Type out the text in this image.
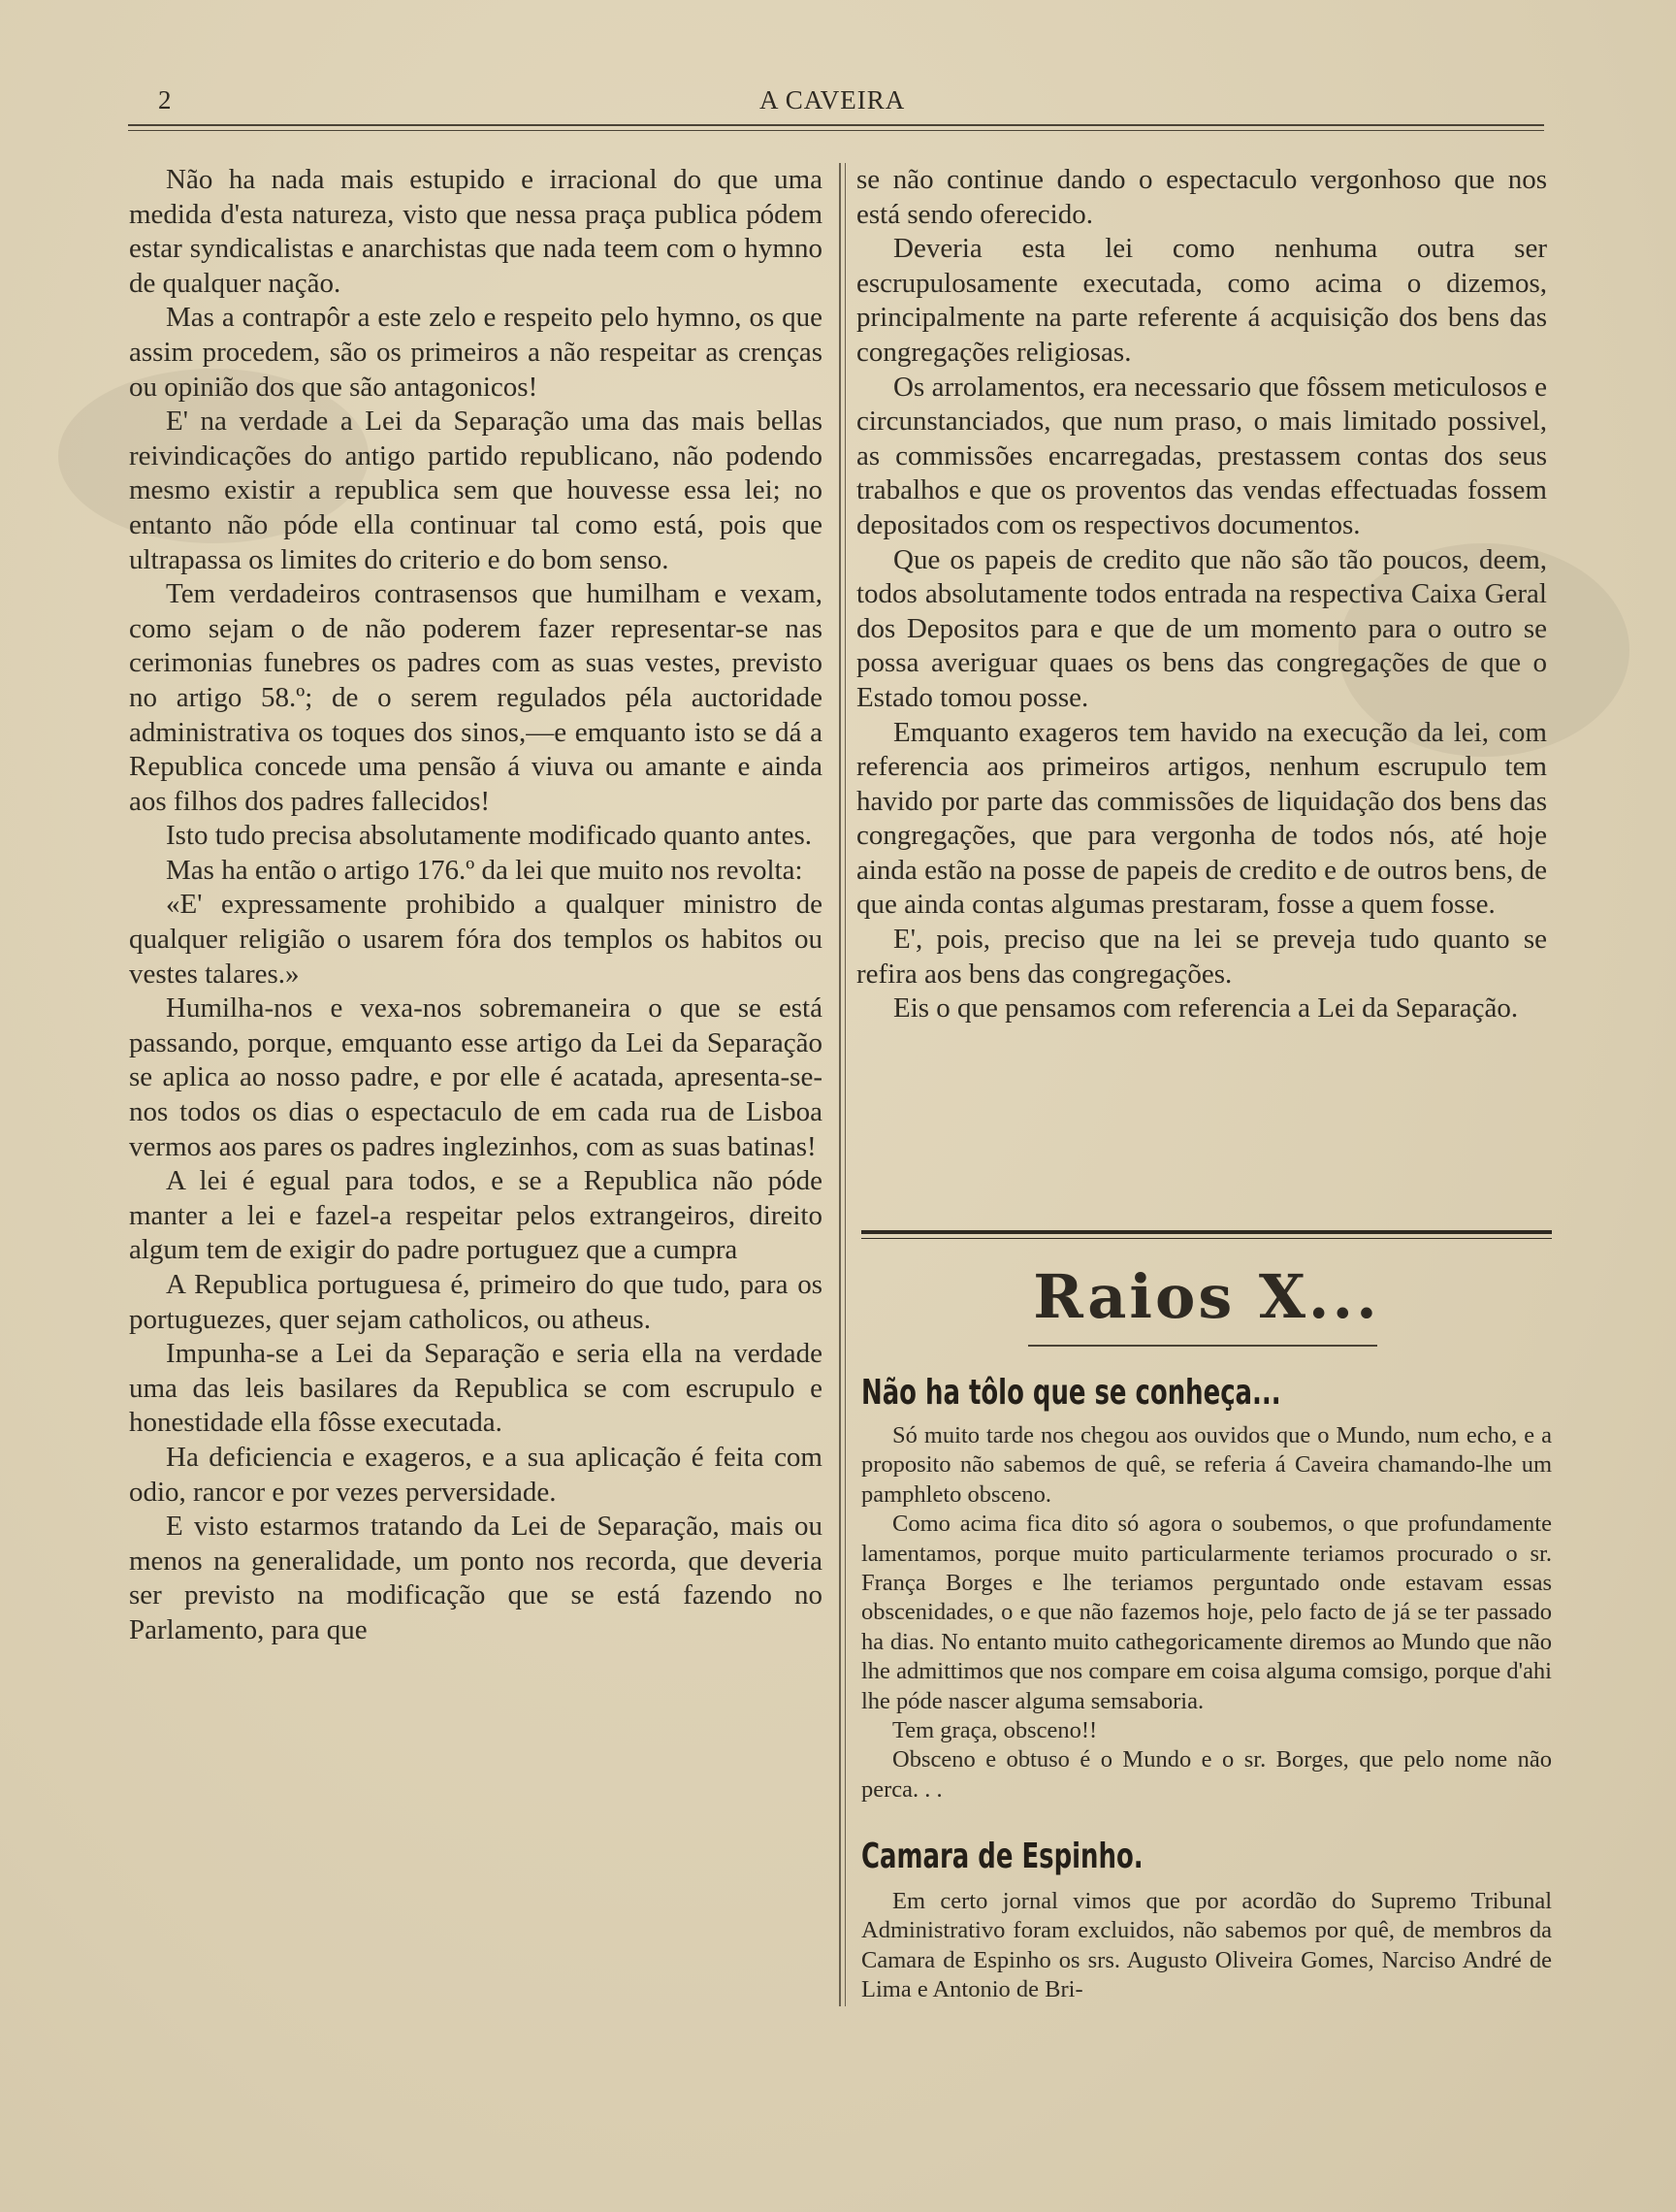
2	A CAVEIRA

Não ha nada mais estupido e irracional do que uma medida d'esta natureza, visto que nessa praça publica pódem estar syndicalistas e anarchistas que nada teem com o hymno de qualquer nação.

Mas a contrapôr a este zelo e respeito pelo hymno, os que assim procedem, são os primeiros a não respeitar as crenças ou opinião dos que são antagonicos!

E' na verdade a Lei da Separação uma das mais bellas reivindicações do antigo partido republicano, não podendo mesmo existir a republica sem que houvesse essa lei; no entanto não póde ella continuar tal como está, pois que ultrapassa os limites do criterio e do bom senso.

Tem verdadeiros contrasensos que humilham e vexam, como sejam o de não poderem fazer representar-se nas cerimonias funebres os padres com as suas vestes, previsto no artigo 58.º; de o serem regulados péla auctoridade administrativa os toques dos sinos,—e emquanto isto se dá a Republica concede uma pensão á viuva ou amante e ainda aos filhos dos padres fallecidos!

Isto tudo precisa absolutamente modificado quanto antes.

Mas ha então o artigo 176.º da lei que muito nos revolta:

«E' expressamente prohibido a qualquer ministro de qualquer religião o usarem fóra dos templos os habitos ou vestes talares.»

Humilha-nos e vexa-nos sobremaneira o que se está passando, porque, emquanto esse artigo da Lei da Separação se aplica ao nosso padre, e por elle é acatada, apresenta-se-nos todos os dias o espectaculo de em cada rua de Lisboa vermos aos pares os padres inglezinhos, com as suas batinas!

A lei é egual para todos, e se a Republica não póde manter a lei e fazel-a respeitar pelos extrangeiros, direito algum tem de exigir do padre portuguez que a cumpra

A Republica portuguesa é, primeiro do que tudo, para os portuguezes, quer sejam catholicos, ou atheus.

Impunha-se a Lei da Separação e seria ella na verdade uma das leis basilares da Republica se com escrupulo e honestidade ella fôsse executada.

Ha deficiencia e exageros, e a sua aplicação é feita com odio, rancor e por vezes perversidade.

E visto estarmos tratando da Lei de Separação, mais ou menos na generalidade, um ponto nos recorda, que deveria ser previsto na modificação que se está fazendo no Parlamento, para que

se não continue dando o espectaculo vergonhoso que nos está sendo oferecido.

Deveria esta lei como nenhuma outra ser escrupulosamente executada, como acima o dizemos, principalmente na parte referente á acquisição dos bens das congregações religiosas.

Os arrolamentos, era necessario que fôssem meticulosos e circunstanciados, que num praso, o mais limitado possivel, as commissões encarregadas, prestassem contas dos seus trabalhos e que os proventos das vendas effectuadas fossem depositados com os respectivos documentos.

Que os papeis de credito que não são tão poucos, deem, todos absolutamente todos entrada na respectiva Caixa Geral dos Depositos para e que de um momento para o outro se possa averiguar quaes os bens das congregações de que o Estado tomou posse.

Emquanto exageros tem havido na execução da lei, com referencia aos primeiros artigos, nenhum escrupulo tem havido por parte das commissões de liquidação dos bens das congregações, que para vergonha de todos nós, até hoje ainda estão na posse de papeis de credito e de outros bens, de que ainda contas algumas prestaram, fosse a quem fosse.

E', pois, preciso que na lei se preveja tudo quanto se refira aos bens das congregações.

Eis o que pensamos com referencia a Lei da Separação.

Raios X...
Não ha tôlo que se conheça...

Só muito tarde nos chegou aos ouvidos que o Mundo, num echo, e a proposito não sabemos de quê, se referia á Caveira chamando-lhe um pamphleto obsceno.

Como acima fica dito só agora o soubemos, o que profundamente lamentamos, porque muito particularmente teriamos procurado o sr. França Borges e lhe teriamos perguntado onde estavam essas obscenidades, o e que não fazemos hoje, pelo facto de já se ter passado ha dias. No entanto muito cathegoricamente diremos ao Mundo que não lhe admittimos que nos compare em coisa alguma comsigo, porque d'ahi lhe póde nascer alguma semsaboria.

Tem graça, obsceno!!

Obsceno e obtuso é o Mundo e o sr. Borges, que pelo nome não perca. . .

Camara de Espinho.

Em certo jornal vimos que por acordão do Supremo Tribunal Administrativo foram excluidos, não sabemos por quê, de membros da Camara de Espinho os srs. Augusto Oliveira Gomes, Narciso André de Lima e Antonio de Bri-
